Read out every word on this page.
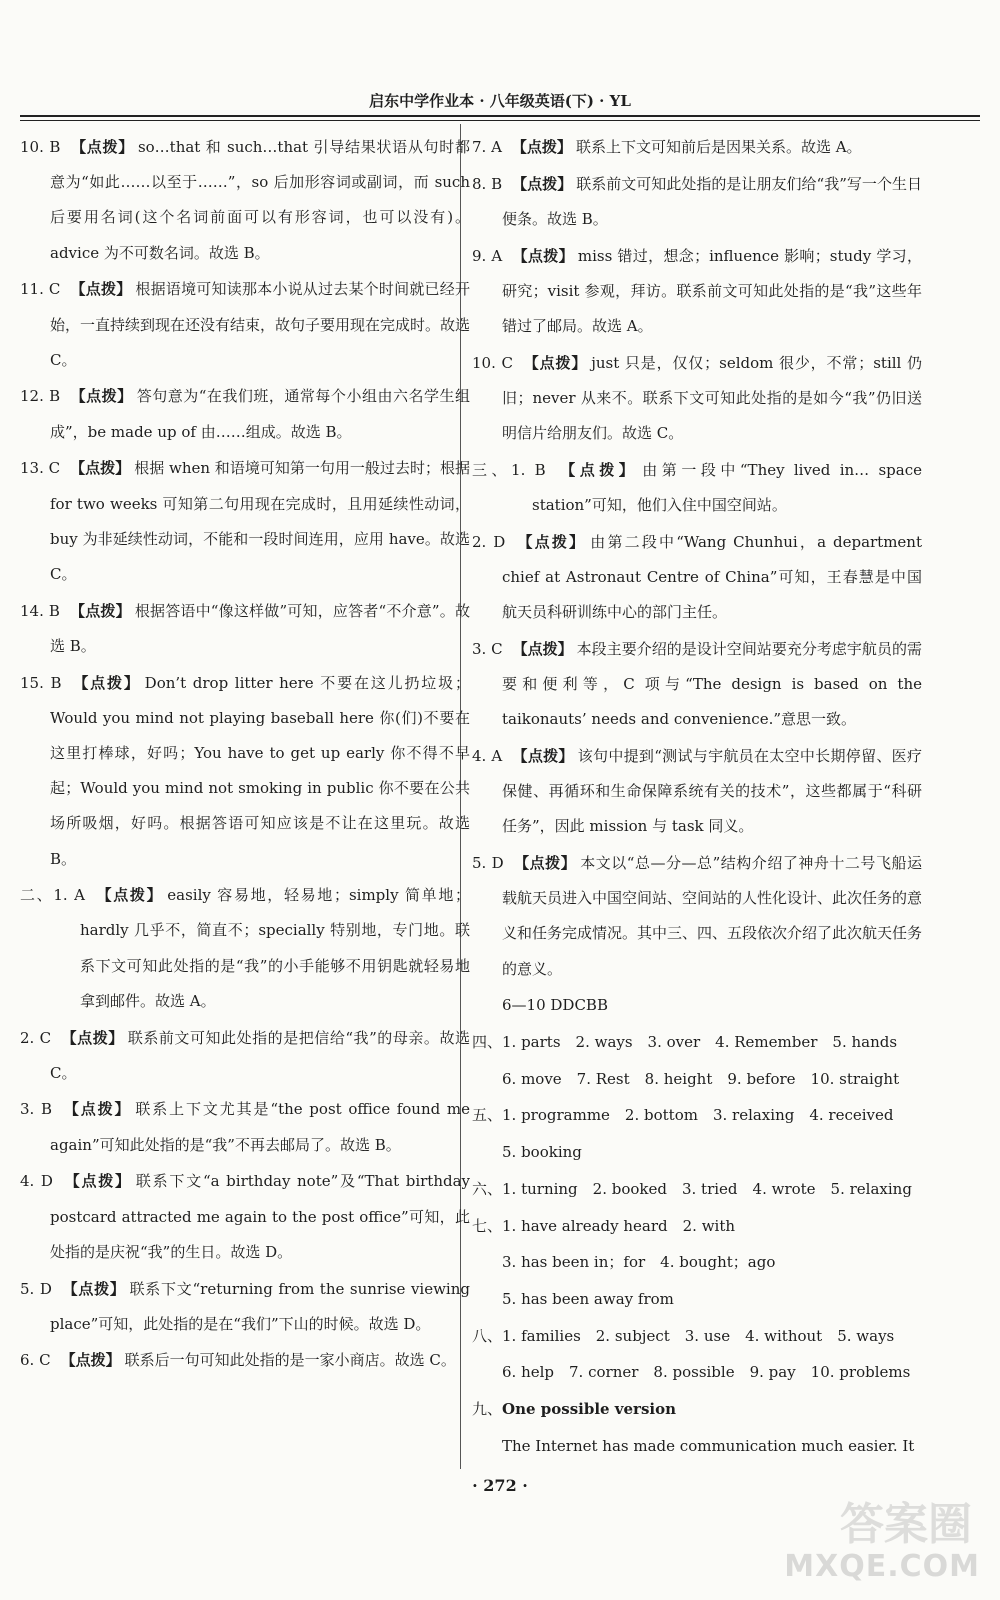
启东中学作业本 · 八年级英语(下) · YL
10. B 【点拨】 so…that 和 such…that 引导结果状语从句时都意为“如此……以至于……”，so 后加形容词或副词，而 such 后要用名词(这个名词前面可以有形容词，也可以没有)。advice 为不可数名词。故选 B。
11. C 【点拨】 根据语境可知读那本小说从过去某个时间就已经开始，一直持续到现在还没有结束，故句子要用现在完成时。故选 C。
12. B 【点拨】 答句意为“在我们班，通常每个小组由六名学生组成”，be made up of 由……组成。故选 B。
13. C 【点拨】 根据 when 和语境可知第一句用一般过去时；根据 for two weeks 可知第二句用现在完成时，且用延续性动词，buy 为非延续性动词，不能和一段时间连用，应用 have。故选 C。
14. B 【点拨】 根据答语中“像这样做”可知，应答者“不介意”。故选 B。
15. B 【点拨】 Don’t drop litter here 不要在这儿扔垃圾；Would you mind not playing baseball here 你(们)不要在这里打棒球，好吗；You have to get up early 你不得不早起；Would you mind not smoking in public 你不要在公共场所吸烟，好吗。根据答语可知应该是不让在这里玩。故选 B。
二、1. A 【点拨】 easily 容易地，轻易地；simply 简单地；hardly 几乎不，简直不；specially 特别地，专门地。联系下文可知此处指的是“我”的小手能够不用钥匙就轻易地拿到邮件。故选 A。
2. C 【点拨】 联系前文可知此处指的是把信给“我”的母亲。故选 C。
3. B 【点拨】 联系上下文尤其是“the post office found me again”可知此处指的是“我”不再去邮局了。故选 B。
4. D 【点拨】 联系下文“a birthday note”及“That birthday postcard attracted me again to the post office”可知，此处指的是庆祝“我”的生日。故选 D。
5. D 【点拨】 联系下文“returning from the sunrise viewing place”可知，此处指的是在“我们”下山的时候。故选 D。
6. C 【点拨】 联系后一句可知此处指的是一家小商店。故选 C。
7. A 【点拨】 联系上下文可知前后是因果关系。故选 A。
8. B 【点拨】 联系前文可知此处指的是让朋友们给“我”写一个生日便条。故选 B。
9. A 【点拨】 miss 错过，想念；influence 影响；study 学习，研究；visit 参观，拜访。联系前文可知此处指的是“我”这些年错过了邮局。故选 A。
10. C 【点拨】 just 只是，仅仅；seldom 很少，不常；still 仍旧；never 从来不。联系下文可知此处指的是如今“我”仍旧送明信片给朋友们。故选 C。
三、1. B 【点拨】 由第一段中“They lived in… space station”可知，他们入住中国空间站。
2. D 【点拨】 由第二段中“Wang Chunhui，a department chief at Astronaut Centre of China”可知，王春慧是中国航天员科研训练中心的部门主任。
3. C 【点拨】 本段主要介绍的是设计空间站要充分考虑宇航员的需要和便利等，C 项与“The design is based on the taikonauts’ needs and convenience.”意思一致。
4. A 【点拨】 该句中提到“测试与宇航员在太空中长期停留、医疗保健、再循环和生命保障系统有关的技术”，这些都属于“科研任务”，因此 mission 与 task 同义。
5. D 【点拨】 本文以“总—分—总”结构介绍了神舟十二号飞船运载航天员进入中国空间站、空间站的人性化设计、此次任务的意义和任务完成情况。其中三、四、五段依次介绍了此次航天任务的意义。
6—10 DDCBB
四、1. parts　2. ways　3. over　4. Remember　5. hands
6. move　7. Rest　8. height　9. before　10. straight
五、1. programme　2. bottom　3. relaxing　4. received
5. booking
六、1. turning　2. booked　3. tried　4. wrote　5. relaxing
七、1. have already heard　2. with
3. has been in；for　4. bought；ago
5. has been away from
八、1. families　2. subject　3. use　4. without　5. ways
6. help　7. corner　8. possible　9. pay　10. problems
九、One possible version
The Internet has made communication much easier. It
· 272 ·
答案圈
MXQE.COM
